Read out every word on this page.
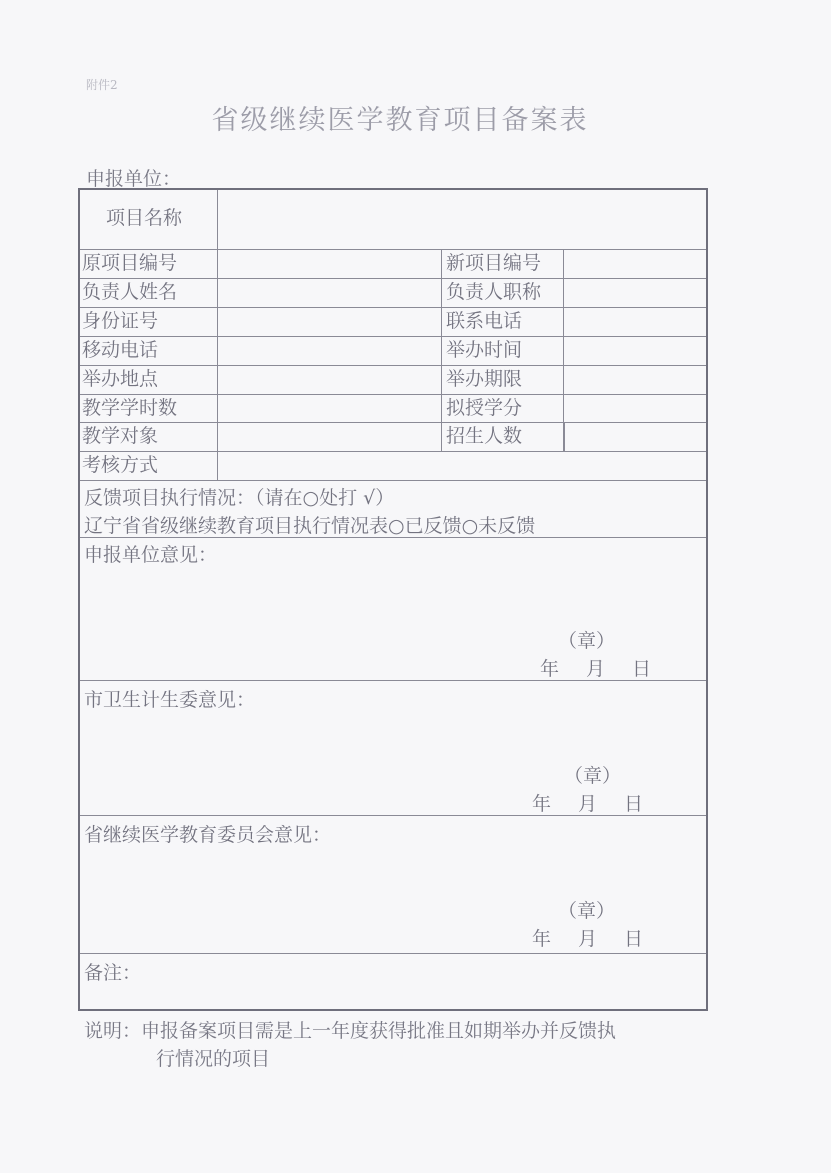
附件2
省级继续医学教育项目备案表
申报单位：
项目名称
原项目编号	新项目编号
负责人姓名	负责人职称
身份证号	联系电话
移动电话	举办时间
举办地点	举办期限
教学学时数	拟授学分
教学对象	招生人数
考核方式
反馈项目执行情况：（请在○处打 √）
辽宁省省级继续教育项目执行情况表○已反馈○未反馈
申报单位意见：
（章）
年　月　日
市卫生计生委意见：
（章）
年　月　日
省继续医学教育委员会意见：
（章）
年　月　日
备注：
说明：申报备案项目需是上一年度获得批准且如期举办并反馈执
行情况的项目
